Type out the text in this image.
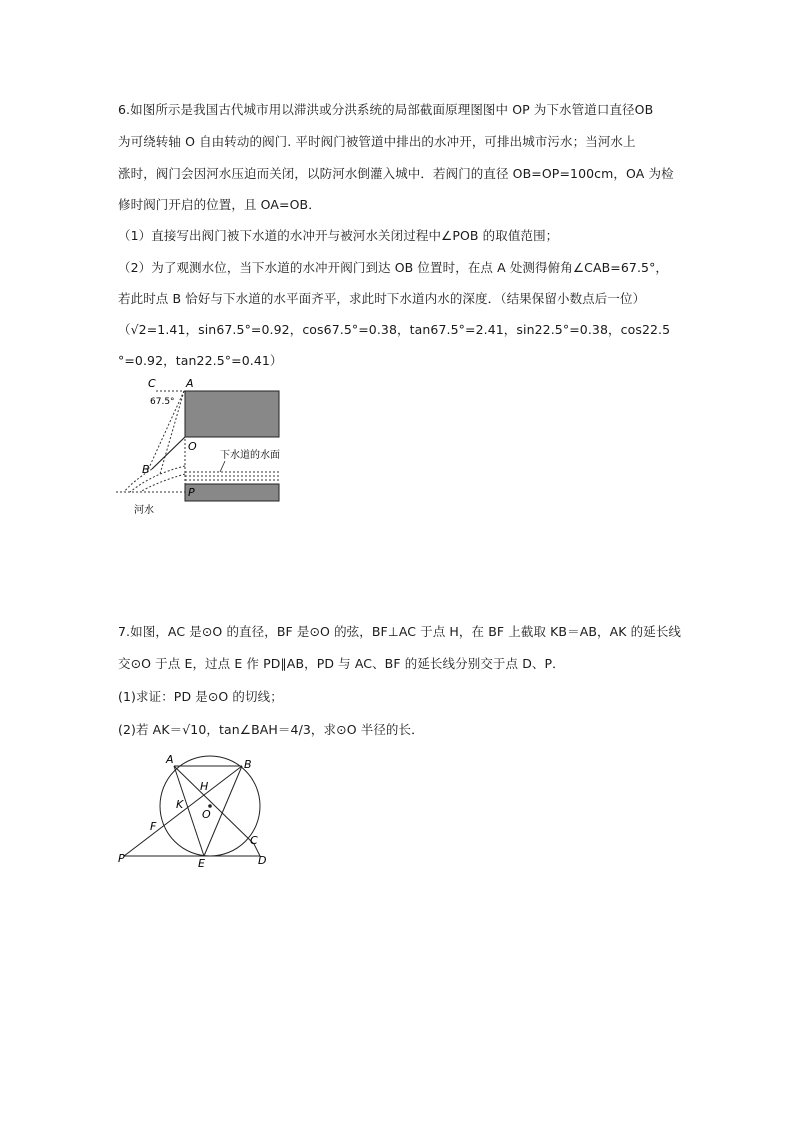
6.如图所示是我国古代城市用以滞洪或分洪系统的局部截面原理图图中 OP 为下水管道口直径OB
为可绕转轴 O 自由转动的阀门. 平时阀门被管道中排出的水冲开，可排出城市污水；当河水上
涨时，阀门会因河水压迫而关闭，以防河水倒灌入城中．若阀门的直径 OB=OP=100cm，OA 为检
修时阀门开启的位置，且 OA=OB．
（1）直接写出阀门被下水道的水冲开与被河水关闭过程中∠POB 的取值范围；
（2）为了观测水位，当下水道的水冲开阀门到达 OB 位置时，在点 A 处测得俯角∠CAB=67.5°，
若此时点 B 恰好与下水道的水平面齐平，求此时下水道内水的深度．（结果保留小数点后一位）
（√2=1.41，sin67.5°=0.92，cos67.5°=0.38，tan67.5°=2.41，sin22.5°=0.38，cos22.5
°=0.92，tan22.5°=0.41）
C	A
67.5°
O
下水道的水面
B
P
河水
7.如图，AC 是⊙O 的直径，BF 是⊙O 的弦，BF⊥AC 于点 H，在 BF 上截取 KB＝AB，AK 的延长线
交⊙O 于点 E，过点 E 作 PD∥AB，PD 与 AC、BF 的延长线分别交于点 D、P．
(1)求证：PD 是⊙O 的切线；
(2)若 AK＝√10，tan∠BAH＝4/3，求⊙O 半径的长．
A	B
H
K
O
F
C
P	E	D
